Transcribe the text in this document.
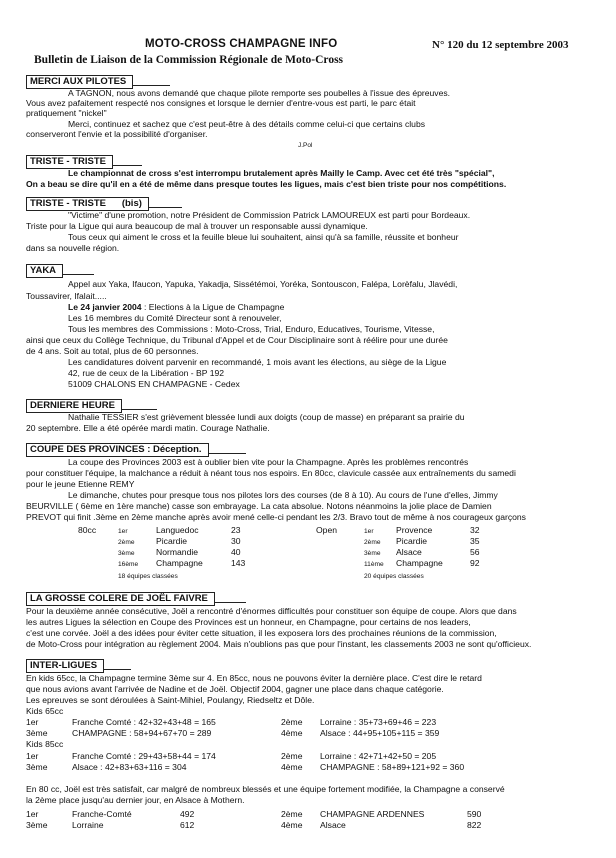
MOTO-CROSS CHAMPAGNE INFO	N° 120 du 12 septembre 2003
Bulletin de Liaison de la Commission Régionale de Moto-Cross
MERCI AUX PILOTES
A TAGNON, nous avons demandé que chaque pilote remporte ses poubelles à l'issue des épreuves.
Vous avez pafaitement respecté nos consignes et lorsque le dernier d'entre-vous est parti, le parc était
pratiquement "nickel"
Merci, continuez et sachez que c'est peut-être à des détails comme celui-ci que certains clubs
conserveront l'envie et la possibilité d'organiser.
J.Pol
TRISTE - TRISTE
Le championnat de cross s'est interrompu brutalement après Mailly le Camp. Avec cet été très "spécial",
On a beau se dire qu'il en a été de même dans presque toutes les ligues, mais c'est bien triste pour nos compétitions.
TRISTE - TRISTE      (bis)
"Victime" d'une promotion, notre Président de Commission Patrick LAMOUREUX est parti pour Bordeaux.
Triste pour la Ligue qui aura beaucoup de mal à trouver un responsable aussi dynamique.
Tous ceux qui aiment le cross et la feuille bleue lui souhaitent, ainsi qu'à sa famille, réussite et bonheur
dans sa nouvelle région.
YAKA
Appel aux Yaka, Ifaucon, Yapuka, Yakadja, Sissétémoi, Yoréka, Sontouscon, Falépa, Lorèfalu, Jlavédi,
Toussavirer, Ifalait.....
Le 24 janvier 2004 : Elections à la Ligue de Champagne
Les 16 membres du Comité Directeur sont à renouveler,
Tous les membres des Commissions : Moto-Cross, Trial, Enduro, Educatives, Tourisme, Vitesse,
ainsi que ceux du Collège Technique, du Tribunal d'Appel et de Cour Disciplinaire sont à réélire pour une durée
de 4 ans. Soit au total, plus de 60 personnes.
Les candidatures doivent parvenir en recommandé, 1 mois avant les élections, au siège de la Ligue
42, rue de ceux de la Libération - BP 192
51009 CHALONS EN CHAMPAGNE - Cedex
DERNIERE HEURE
Nathalie TESSIER s'est grièvement blessée lundi aux doigts (coup de masse) en préparant sa prairie du
20 septembre. Elle a été opérée mardi matin. Courage Nathalie.
COUPE DES PROVINCES : Déception.
La coupe des Provinces 2003 est à oublier bien vite pour la Champagne. Après les problèmes rencontrés
pour constituer l'équipe, la malchance a réduit à néant tous nos espoirs. En 80cc, clavicule cassée aux entraînements du samedi
pour le jeune Etienne REMY
Le dimanche, chutes pour presque tous nos pilotes lors des courses (de 8 à 10). Au cours de l'une d'elles, Jimmy
BEURVILLE ( 6ème en 1ère manche) casse son embrayage. La cata absolue. Notons néanmoins la jolie place de Damien
PREVOT qui finit .3ème en 2ème manche après avoir mené celle-ci pendant les 2/3. Bravo tout de même à nos courageux garçons
80cc	Open
1er	Languedoc	23
2ème	Picardie	30
3ème	Normandie	40
16ème Champagne	143
18 équipes classées
1er	Provence	32
2ème Picardie	35
3ème Alsace	56
11ème Champagne	92
20 équipes classées
LA GROSSE COLERE DE JOËL FAIVRE
Pour la deuxième année consécutive, Joël a rencontré d'énormes difficultés pour constituer son équipe de coupe. Alors que dans
les autres Ligues la sélection en Coupe des Provinces est un honneur, en Champagne, pour certains de nos leaders,
c'est une corvée. Joël a des idées pour éviter cette situation, il les exposera lors des prochaines réunions de la commission,
de Moto-Cross pour intégration au règlement 2004. Mais n'oublions pas que pour l'instant, les classements 2003 ne sont qu'officieux.
INTER-LIGUES
En kids 65cc, la Champagne termine 3ème sur 4. En 85cc, nous ne pouvons éviter la dernière place. C'est dire le retard
que nous avions avant l'arrivée de Nadine et de Joël. Objectif 2004, gagner une place dans chaque catégorie.
Les epreuves se sont déroulées à Saint-Mihiel, Poulangy, Riedseltz et Dôle.
Kids 65cc
1er	Franche Comté : 42+32+43+48 = 165	2ème Lorraine : 35+73+69+46 = 223
3ème	CHAMPAGNE : 58+94+67+70 = 289	4ème Alsace : 44+95+105+115 = 359
Kids 85cc
1er	Franche Comté : 29+43+58+44 = 174	2ème Lorraine : 42+71+42+50 = 205
3ème	Alsace : 42+83+63+116 = 304	4ème CHAMPAGNE : 58+89+121+92 = 360
En 80 cc, Joël est très satisfait, car malgré de nombreux blessés et une équipe fortement modifiée, la Champagne a conservé
la 2ème place jusqu'au dernier jour, en Alsace à Mothern.
1er	Franche-Comté	492	2ème CHAMPAGNE ARDENNES	590
3ème	Lorraine	612	4ème Alsace	822
